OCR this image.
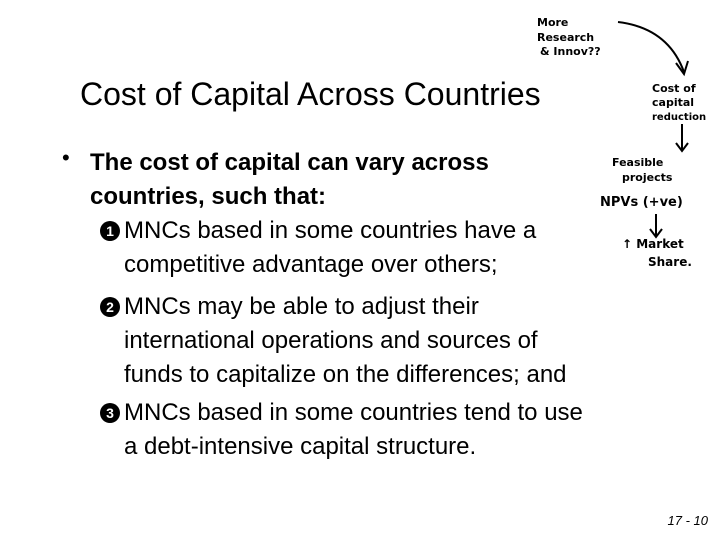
Cost of Capital Across Countries
• The cost of capital can vary across
countries, such that:
1 MNCs based in some countries have a
competitive advantage over others;
2 MNCs may be able to adjust their
international operations and sources of
funds to capitalize on the differences; and
3 MNCs based in some countries tend to use
a debt-intensive capital structure.
17 - 10
More
Research
& Innov??
Cost of
capital
reduction
Feasible
projects
NPVs (+ve)
↑ Market
Share.
